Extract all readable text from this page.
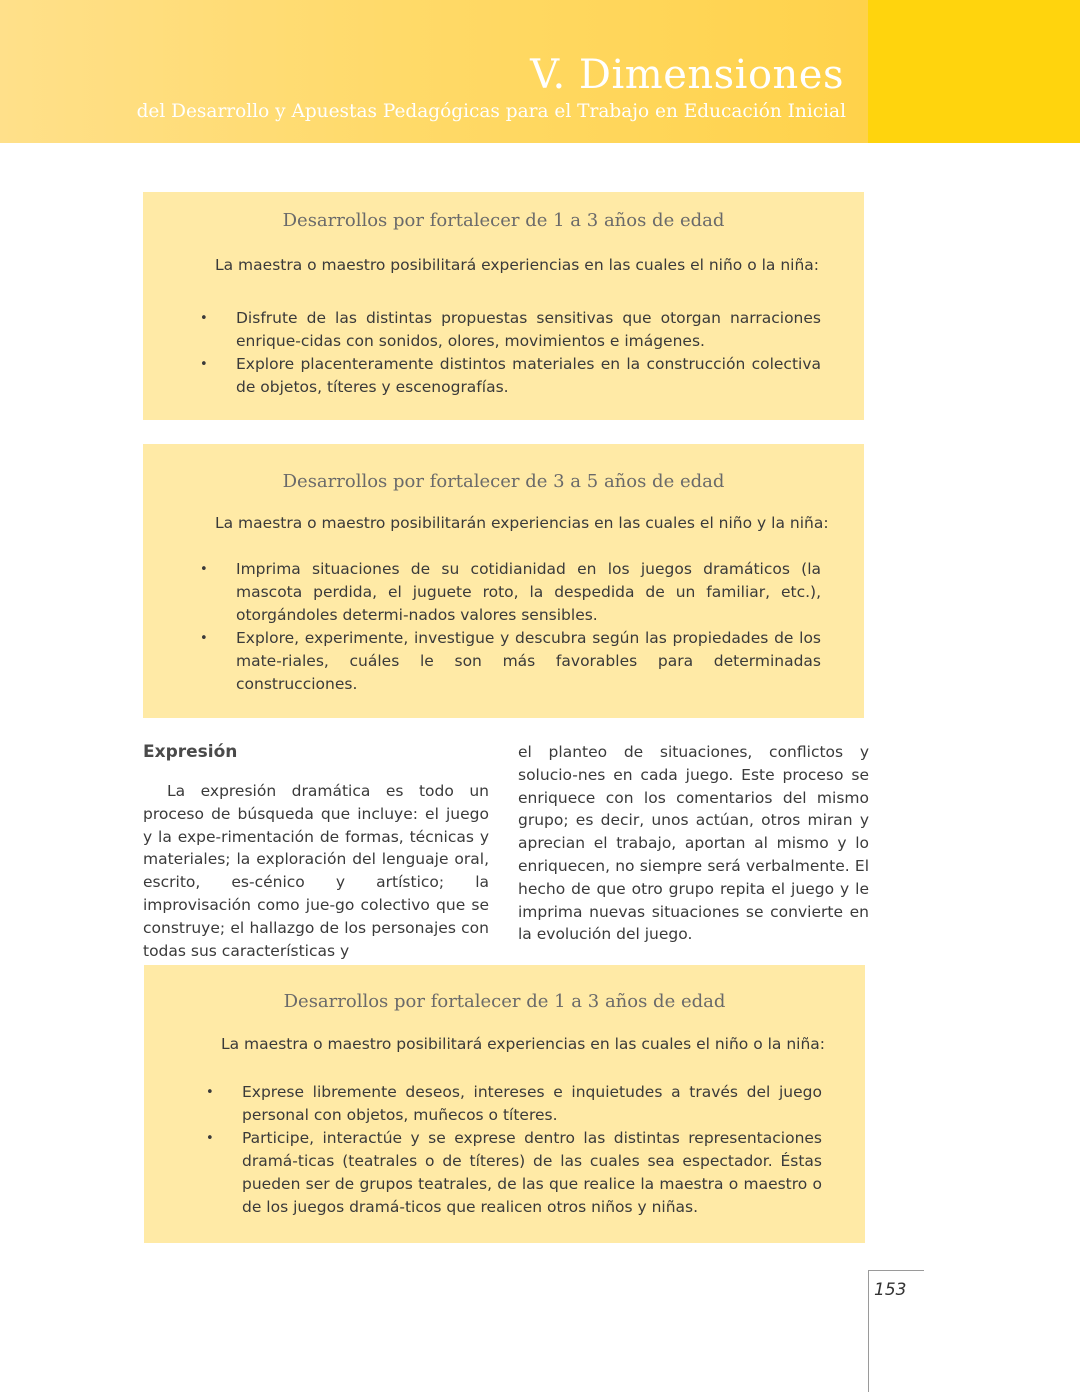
V. Dimensiones
del Desarrollo y Apuestas Pedagógicas para el Trabajo en Educación Inicial
Desarrollos por fortalecer de 1 a 3 años de edad
La maestra o maestro posibilitará experiencias en las cuales el niño o la niña:
• Disfrute de las distintas propuestas sensitivas que otorgan narraciones enrique-cidas con sonidos, olores, movimientos e imágenes.
• Explore placenteramente distintos materiales en la construcción colectiva de objetos, títeres y escenografías.
Desarrollos por fortalecer de 3 a 5 años de edad
La maestra o maestro posibilitarán experiencias en las cuales el niño y la niña:
• Imprima situaciones de su cotidianidad en los juegos dramáticos (la mascota perdida, el juguete roto, la despedida de un familiar, etc.), otorgándoles determi-nados valores sensibles.
• Explore, experimente, investigue y descubra según las propiedades de los mate-riales, cuáles le son más favorables para determinadas construcciones.
Expresión

La expresión dramática es todo un proceso de búsqueda que incluye: el juego y la expe-rimentación de formas, técnicas y materiales; la exploración del lenguaje oral, escrito, es-cénico y artístico; la improvisación como jue-go colectivo que se construye; el hallazgo de los personajes con todas sus características y

el planteo de situaciones, conflictos y solucio-nes en cada juego. Este proceso se enriquece con los comentarios del mismo grupo; es decir, unos actúan, otros miran y aprecian el trabajo, aportan al mismo y lo enriquecen, no siempre será verbalmente. El hecho de que otro grupo repita el juego y le imprima nuevas situaciones se convierte en la evolución del juego.

Desarrollos por fortalecer de 1 a 3 años de edad
La maestra o maestro posibilitará experiencias en las cuales el niño o la niña:
• Exprese libremente deseos, intereses e inquietudes a través del juego personal con objetos, muñecos o títeres.
• Participe, interactúe y se exprese dentro las distintas representaciones dramá-ticas (teatrales o de títeres) de las cuales sea espectador. Éstas pueden ser de grupos teatrales, de las que realice la maestra o maestro o de los juegos dramá-ticos que realicen otros niños y niñas.
153
